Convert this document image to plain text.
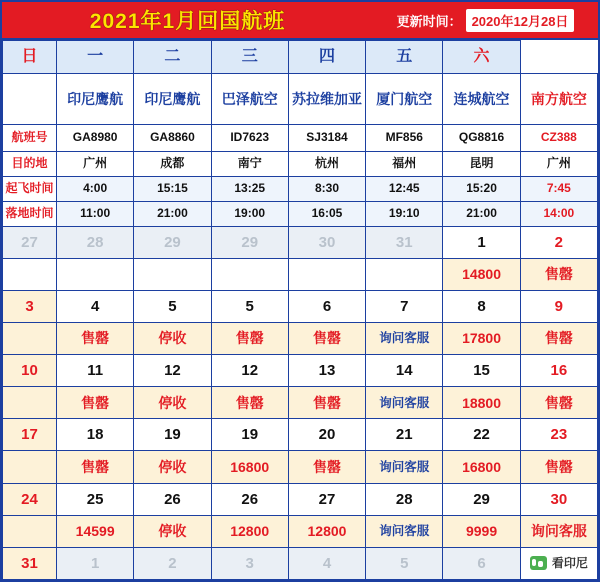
2021年1月回国航班	更新时间： 2020年12月28日
日	一	二	三	四	五	六	
	印尼鹰航	印尼鹰航	巴泽航空	苏拉维加亚	厦门航空	连城航空	南方航空
航班号	GA8980	GA8860	ID7623	SJ3184	MF856	QG8816	CZ388
目的地	广州	成都	南宁	杭州	福州	昆明	广州
起飞时间	4:00	15:15	13:25	8:30	12:45	15:20	7:45
落地时间	11:00	21:00	19:00	16:05	19:10	21:00	14:00
27	28	29	29	30	31	1	2
						14800	售罄
3	4	5	5	6	7	8	9
	售罄	停收	售罄	售罄	询问客服	17800	售罄
10	11	12	12	13	14	15	16
	售罄	停收	售罄	售罄	询问客服	18800	售罄
17	18	19	19	20	21	22	23
	售罄	停收	16800	售罄	询问客服	16800	售罄
24	25	26	26	27	28	29	30
	14599	停收	12800	12800	询问客服	9999	询问客服
31	1	2	3	4	5	6	看印尼
